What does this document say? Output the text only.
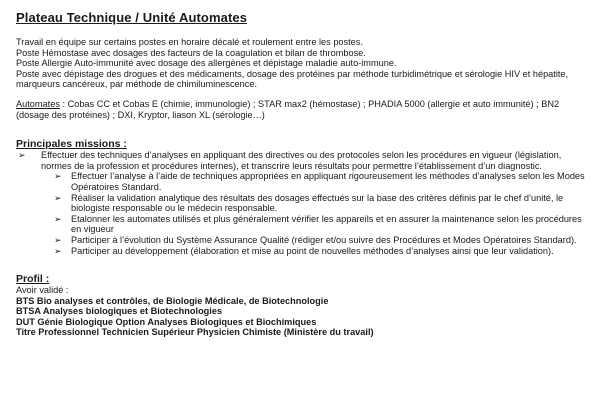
Plateau Technique / Unité Automates

Travail en équipe sur certains postes en horaire décalé et roulement entre les postes.

Poste Hémostase avec dosages des facteurs de la coagulation et bilan de thrombose.

Poste Allergie Auto-immunité avec dosage des allergènes et dépistage maladie auto-immune.

Poste avec dépistage des drogues et des médicaments, dosage des protéines par méthode turbidimétrique et sérologie HIV et hépatite,

marqueurs cancéreux, par méthode de chimiluminescence.

Automates : Cobas CC et Cobas E (chimie, immunologie) ; STAR max2 (hémostase) ; PHADIA 5000 (allergie et auto immunité) ; BN2

(dosage des protéines) ; DXI, Kryptor, liason XL (sérologie…)

Principales missions :
➢ Effectuer des techniques d’analyses en appliquant des directives ou des protocoles selon les procédures en vigueur (législation, normes de la profession et procédures internes), et transcrire leurs résultats pour permettre l’établissement d’un diagnostic.
➢ Effectuer l’analyse à l’aide de techniques appropriées en appliquant rigoureusement les méthodes d’analyses selon les Modes Opératoires Standard.
➢ Réaliser la validation analytique des résultats des dosages effectués sur la base des critères définis par le chef d’unité, le biologiste responsable ou le médecin responsable.
➢ Etalonner les automates utilisés et plus généralement vérifier les appareils et en assurer la maintenance selon les procédures en vigueur
➢ Participer à l’évolution du Système Assurance Qualité (rédiger et/ou suivre des Procédures et Modes Opératoires Standard).
➢ Participer au développement (élaboration et mise au point de nouvelles méthodes d’analyses ainsi que leur validation).
Profil :

Avoir validé :

BTS Bio analyses et contrôles, de Biologie Médicale, de Biotechnologie

BTSA Analyses biologiques et Biotechnologies

DUT Génie Biologique Option Analyses Biologiques et Biochimiques

Titre Professionnel Technicien Supérieur Physicien Chimiste (Ministère du travail)
